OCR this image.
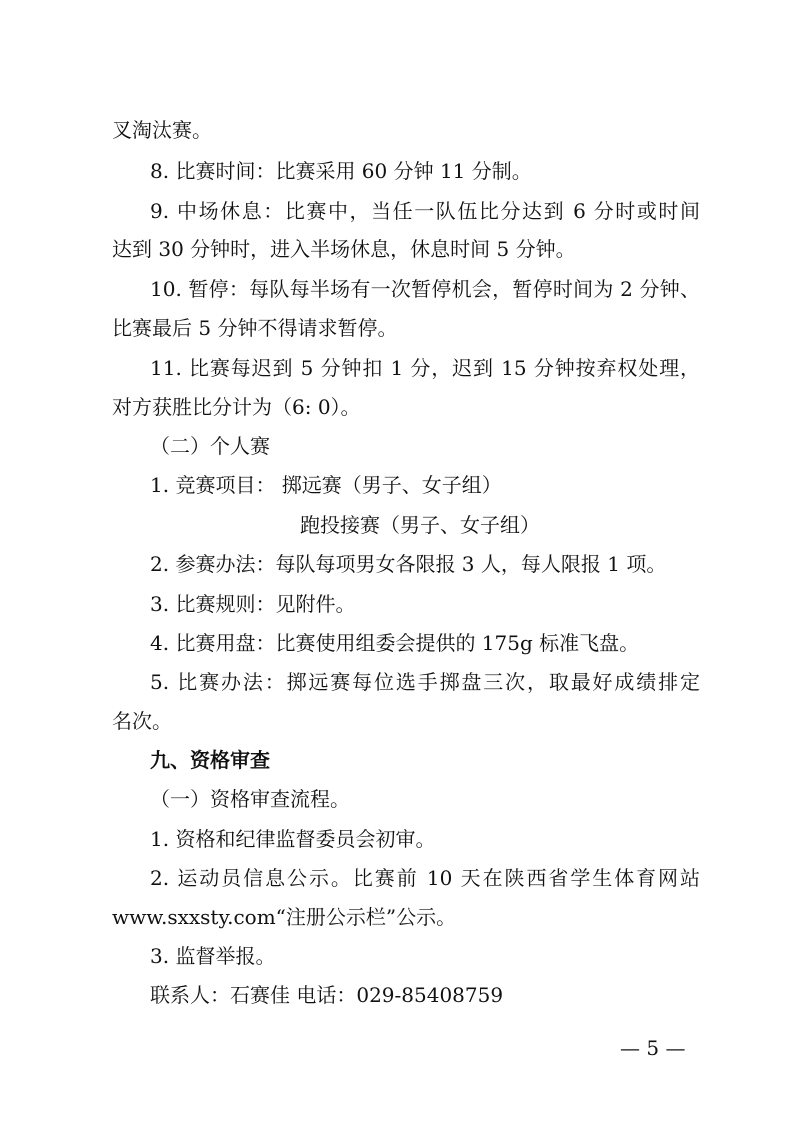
叉淘汰赛。
8. 比赛时间：比赛采用 60 分钟 11 分制。
9. 中场休息：比赛中，当任一队伍比分达到 6 分时或时间
达到 30 分钟时，进入半场休息，休息时间 5 分钟。
10. 暂停：每队每半场有一次暂停机会，暂停时间为 2 分钟、
比赛最后 5 分钟不得请求暂停。
11. 比赛每迟到 5 分钟扣 1 分，迟到 15 分钟按弃权处理，
对方获胜比分计为（6: 0）。
（二）个人赛
1. 竞赛项目： 掷远赛（男子、女子组）
跑投接赛（男子、女子组）
2. 参赛办法：每队每项男女各限报 3 人，每人限报 1 项。
3. 比赛规则：见附件。
4. 比赛用盘：比赛使用组委会提供的 175g 标准飞盘。
5. 比赛办法：掷远赛每位选手掷盘三次，取最好成绩排定
名次。
九、资格审查
（一）资格审查流程。
1. 资格和纪律监督委员会初审。
2. 运动员信息公示。比赛前 10 天在陕西省学生体育网站
www.sxxsty.com“注册公示栏”公示。
3. 监督举报。
联系人：石赛佳 电话：029-85408759
— 5 —
